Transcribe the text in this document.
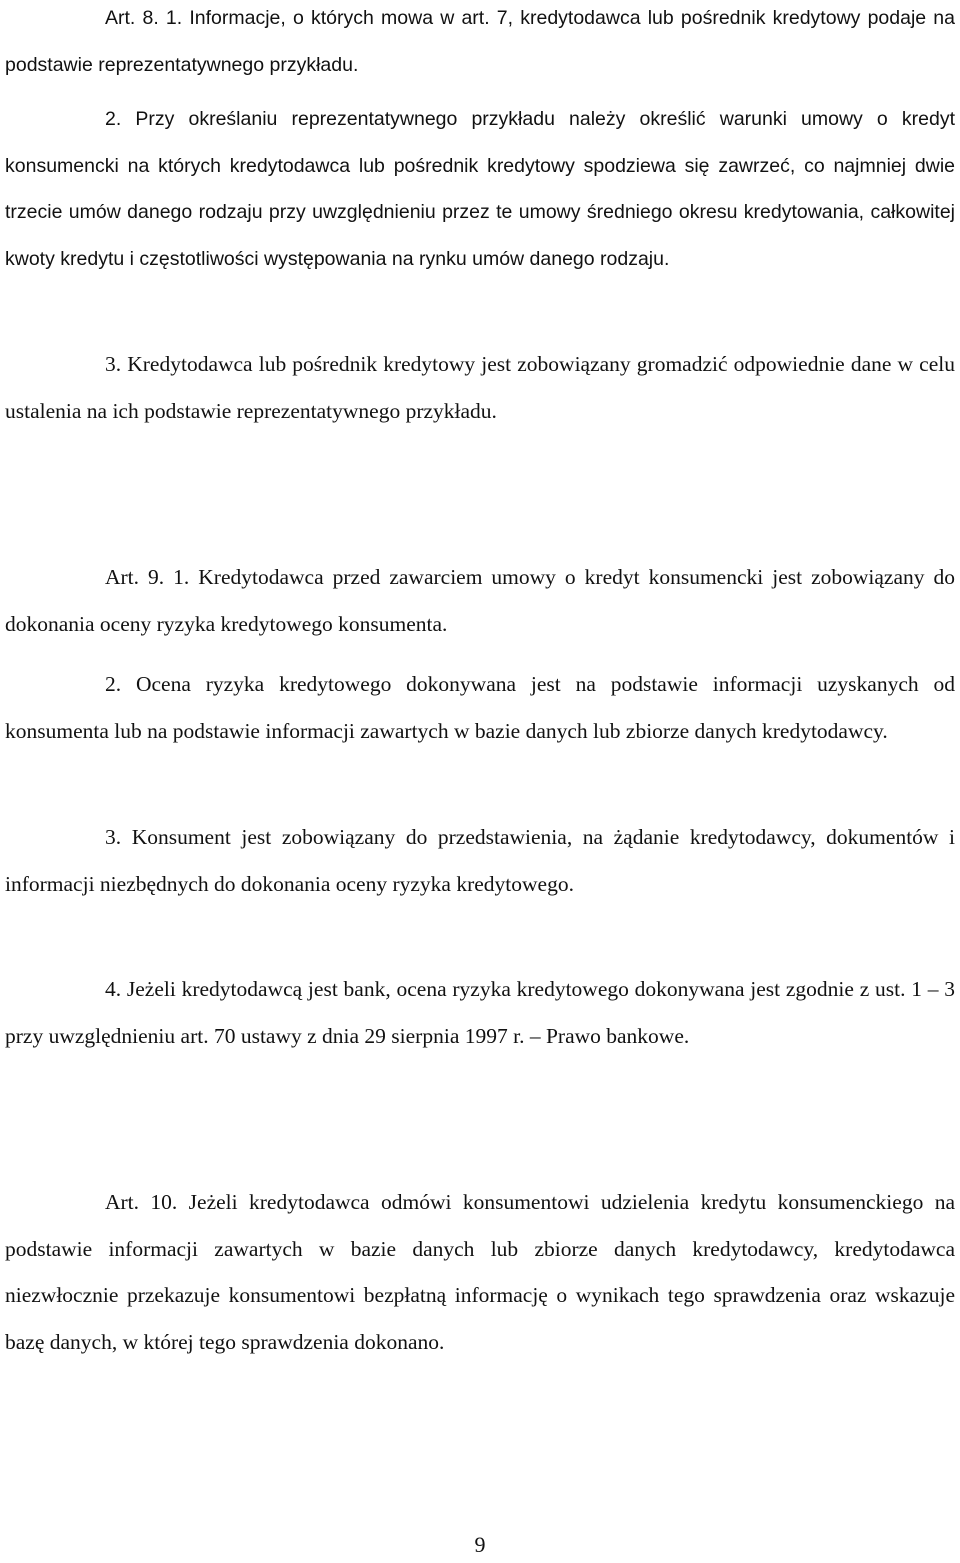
Art. 8. 1. Informacje, o których mowa w art. 7, kredytodawca lub pośrednik kredytowy podaje na podstawie reprezentatywnego przykładu.

2. Przy określaniu reprezentatywnego przykładu należy określić warunki umowy o kredyt konsumencki na których kredytodawca lub pośrednik kredytowy spodziewa się zawrzeć, co najmniej dwie trzecie umów danego rodzaju przy uwzględnieniu przez te umowy średniego okresu kredytowania, całkowitej kwoty kredytu i częstotliwości występowania na rynku umów danego rodzaju.

3. Kredytodawca lub pośrednik kredytowy jest zobowiązany gromadzić odpowiednie dane w celu ustalenia na ich podstawie reprezentatywnego przykładu.

Art. 9. 1. Kredytodawca przed zawarciem umowy o kredyt konsumencki jest zobowiązany do dokonania oceny ryzyka kredytowego konsumenta.

2. Ocena ryzyka kredytowego dokonywana jest na podstawie informacji uzyskanych od konsumenta lub na podstawie informacji zawartych w bazie danych lub zbiorze danych kredytodawcy.

3. Konsument jest zobowiązany do przedstawienia, na żądanie kredytodawcy, dokumentów i informacji niezbędnych do dokonania oceny ryzyka kredytowego.

4. Jeżeli kredytodawcą jest bank, ocena ryzyka kredytowego dokonywana jest zgodnie z ust. 1 – 3 przy uwzględnieniu art. 70 ustawy z dnia 29 sierpnia 1997 r. – Prawo bankowe.

Art. 10. Jeżeli kredytodawca odmówi konsumentowi udzielenia kredytu konsumenckiego na podstawie informacji zawartych w bazie danych lub zbiorze danych kredytodawcy, kredytodawca niezwłocznie przekazuje konsumentowi bezpłatną informację o wynikach tego sprawdzenia oraz wskazuje bazę danych, w której tego sprawdzenia dokonano.

9
